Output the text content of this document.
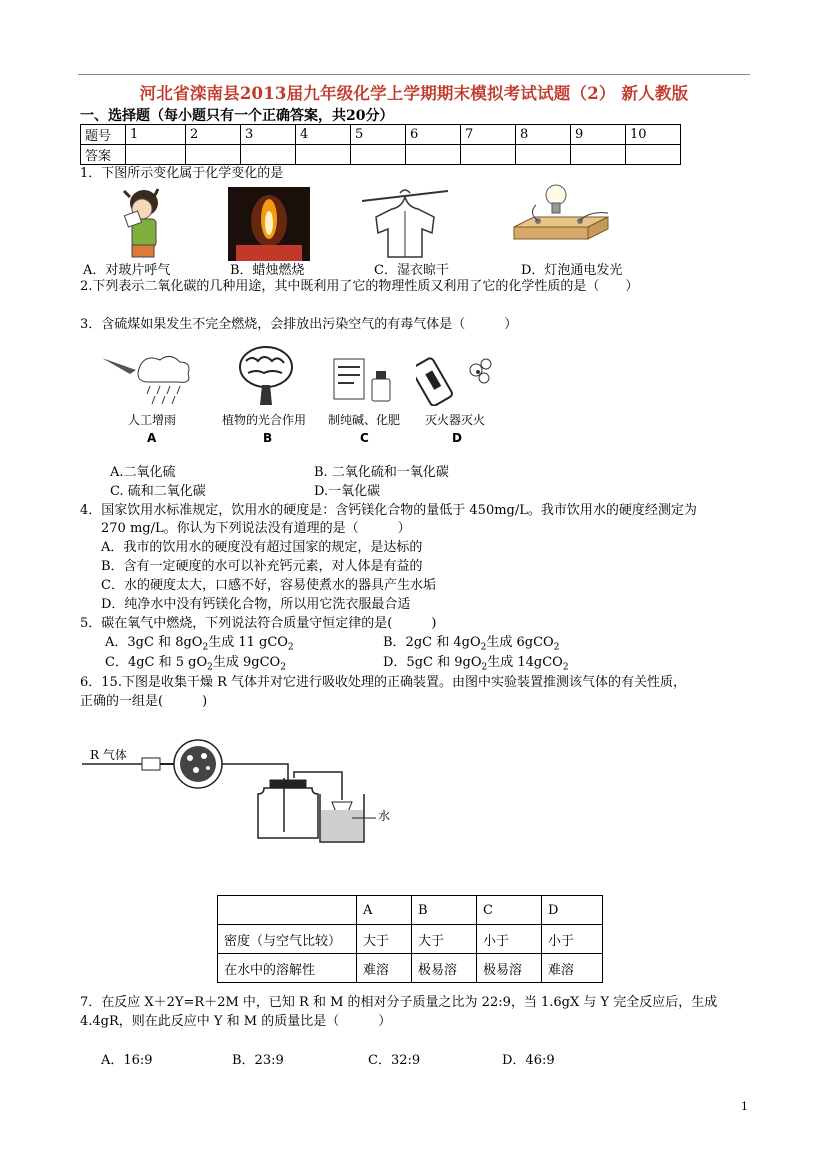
河北省滦南县2013届九年级化学上学期期末模拟考试试题（2） 新人教版
一、选择题（每小题只有一个正确答案，共20分）
题号	1	2	3	4	5	6	7	8	9	10
答案										
1．下图所示变化属于化学变化的是
A．对玻片呼气	B．蜡烛燃烧	C．湿衣晾干	D．灯泡通电发光
2.下列表示二氧化碳的几种用途，其中既利用了它的物理性质又利用了它的化学性质的是（　　）
3．含硫煤如果发生不完全燃烧，会排放出污染空气的有毒气体是（　　　）
人工增雨	植物的光合作用 制纯碱、化肥 灭火器灭火
A	B	C	D
A.二氧化硫	B. 二氧化硫和一氧化碳
C. 硫和二氧化碳	D.一氧化碳
4．国家饮用水标准规定，饮用水的硬度是：含钙镁化合物的量低于 450mg/L。我市饮用水的硬度经测定为
270 mg/L。你认为下列说法没有道理的是（　　　）
A．我市的饮用水的硬度没有超过国家的规定，是达标的
B．含有一定硬度的水可以补充钙元素，对人体是有益的
C．水的硬度太大，口感不好，容易使煮水的器具产生水垢
D．纯净水中没有钙镁化合物，所以用它洗衣服最合适
5．碳在氧气中燃烧，下列说法符合质量守恒定律的是(　　　)
A．3gC 和 $8gO_2$生成 11 gCO$_2$	B．2gC 和 $4gO_2$生成 6gCO$_2$
C．4gC 和 5 $gO_2$生成 9gCO$_2$	D．5gC 和 $9gO_2$生成 14gCO$_2$
6．15.下图是收集干燥 R 气体并对它进行吸收处理的正确装置。由图中实验装置推测该气体的有关性质，
正确的一组是(　　　)
R 气体
水
	A	B	C	D
密度（与空气比较）	大于	大于	小于	小于
在水中的溶解性	难溶	极易溶	极易溶	难溶
7．在反应 X＋2Y=R＋2M 中，已知 R 和 M 的相对分子质量之比为 22:9，当 1.6gX 与 Y 完全反应后，生成
4.4gR，则在此反应中 Y 和 M 的质量比是（　　　）
A．16:9	B．23:9	C．32:9	D．46:9
1
